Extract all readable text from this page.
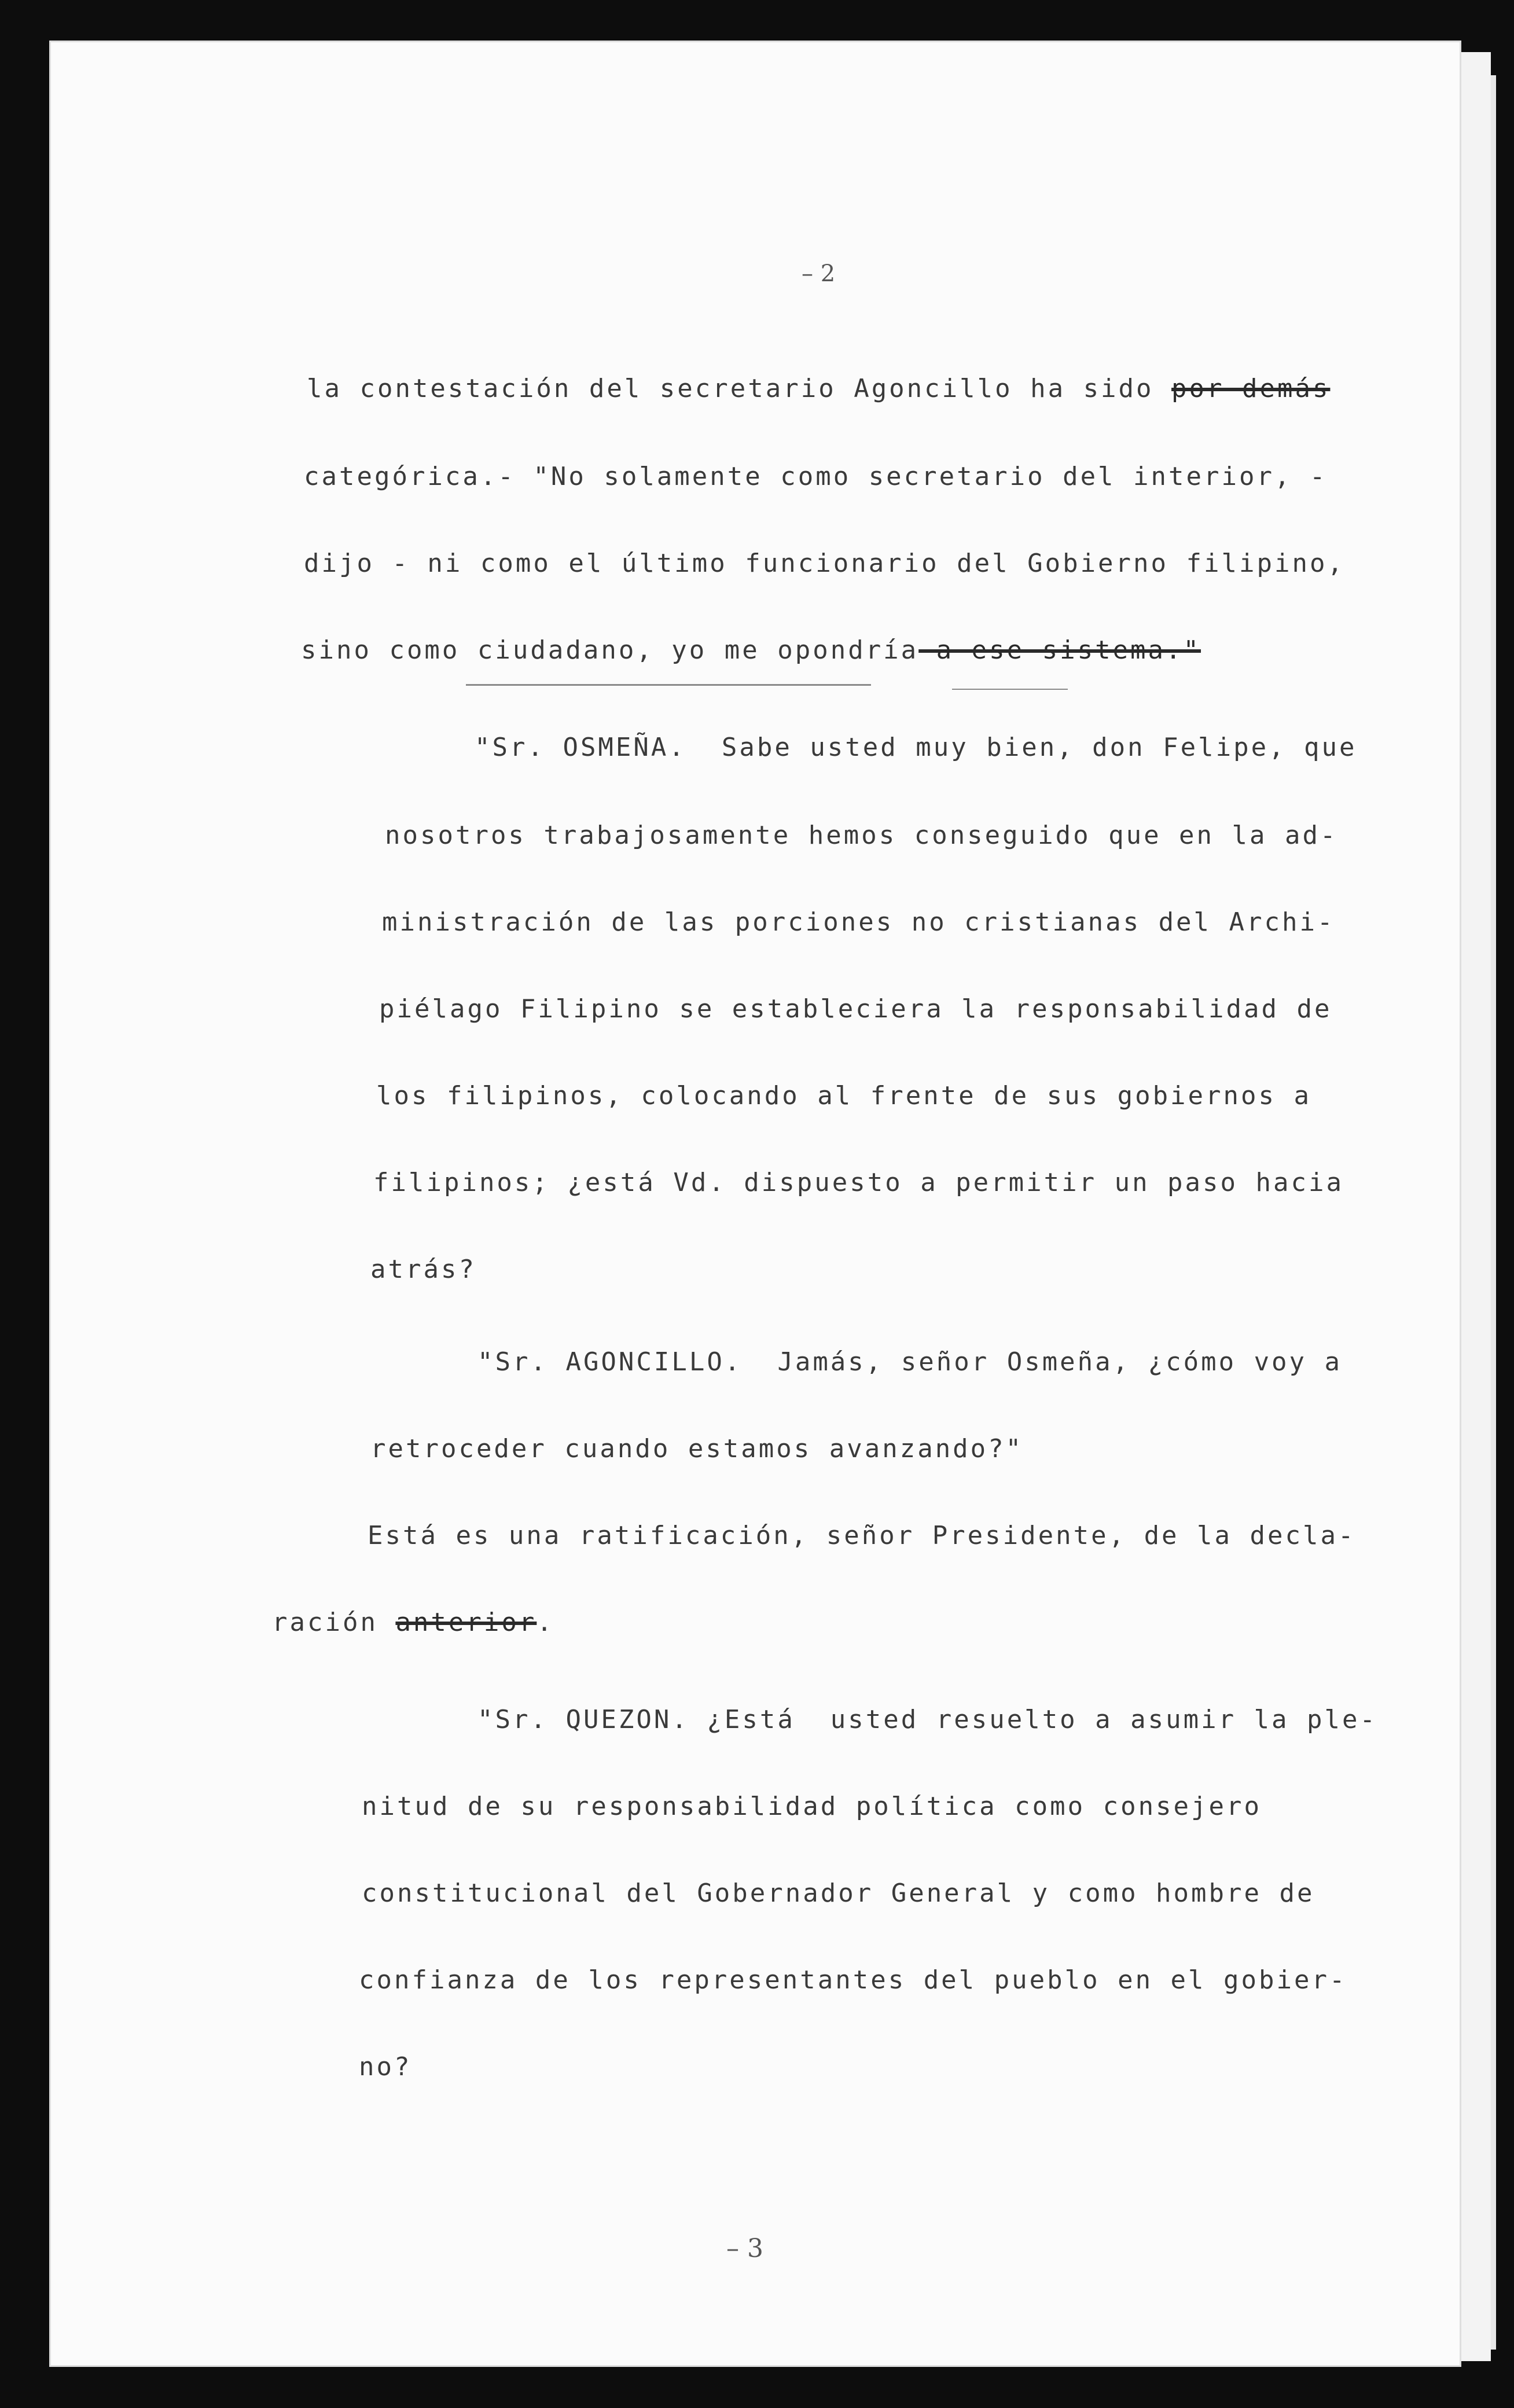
– 2
la contestación del secretario Agoncillo ha sido por demás
categórica.- "No solamente como secretario del interior, -
dijo - ni como el último funcionario del Gobierno filipino,
sino como ciudadano, yo me opondría a ese sistema."
"Sr. OSMEÑA.  Sabe usted muy bien, don Felipe, que
nosotros trabajosamente hemos conseguido que en la ad-
ministración de las porciones no cristianas del Archi-
piélago Filipino se estableciera la responsabilidad de
los filipinos, colocando al frente de sus gobiernos a
filipinos; ¿está Vd. dispuesto a permitir un paso hacia
atrás?
"Sr. AGONCILLO.  Jamás, señor Osmeña, ¿cómo voy a
retroceder cuando estamos avanzando?"
Está es una ratificación, señor Presidente, de la decla-
ración anterior.
"Sr. QUEZON. ¿Está  usted resuelto a asumir la ple-
nitud de su responsabilidad política como consejero
constitucional del Gobernador General y como hombre de
confianza de los representantes del pueblo en el gobier-
no?
– 3
